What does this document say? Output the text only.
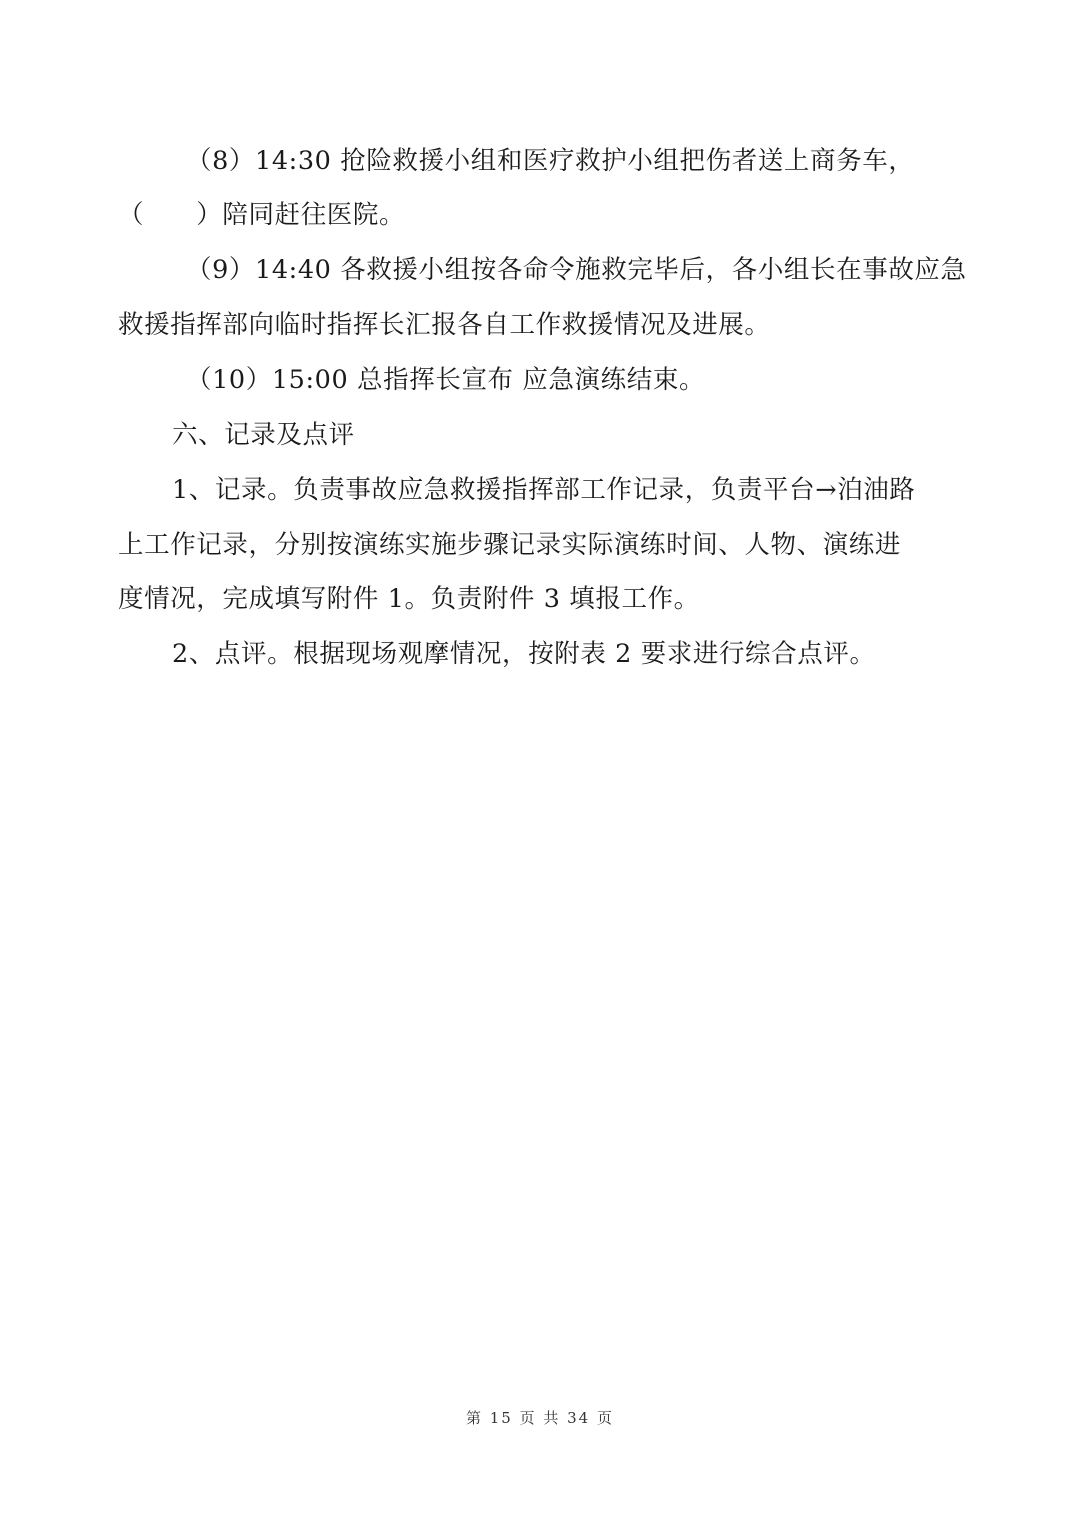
（8）14:30 抢险救援小组和医疗救护小组把伤者送上商务车，
（　　）陪同赶往医院。
（9）14:40 各救援小组按各命令施救完毕后，各小组长在事故应急
救援指挥部向临时指挥长汇报各自工作救援情况及进展。
（10）15:00 总指挥长宣布 应急演练结束。
六、记录及点评
1、记录。负责事故应急救援指挥部工作记录，负责平台→泊油路
上工作记录，分别按演练实施步骤记录实际演练时间、人物、演练进
度情况，完成填写附件 1。负责附件 3 填报工作。
2、点评。根据现场观摩情况，按附表 2 要求进行综合点评。
第 15 页 共 34 页
